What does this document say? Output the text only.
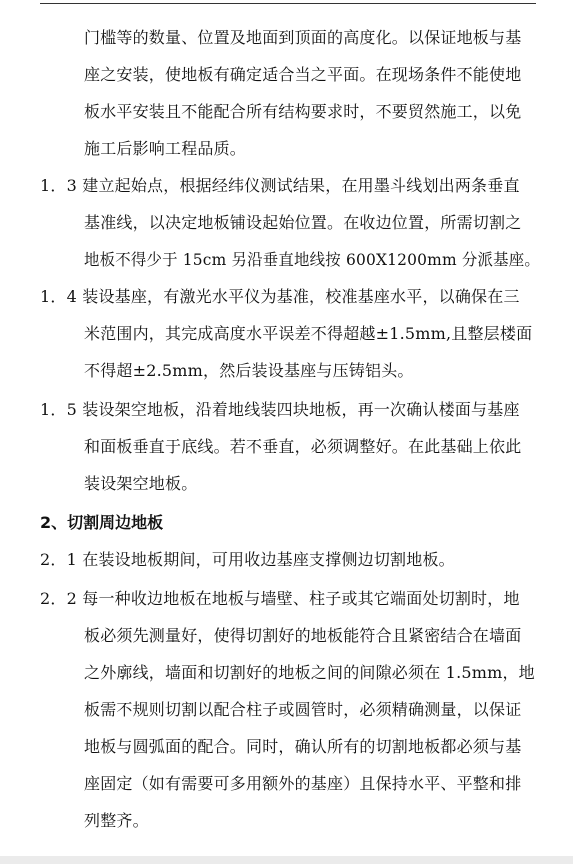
门槛等的数量、位置及地面到顶面的高度化。以保证地板与基
座之安装，使地板有确定适合当之平面。在现场条件不能使地
板水平安装且不能配合所有结构要求时，不要贸然施工，以免
施工后影响工程品质。
1．3 建立起始点，根据经纬仪测试结果，在用墨斗线划出两条垂直
基准线，以决定地板铺设起始位置。在收边位置，所需切割之
地板不得少于 15cm 另沿垂直地线按 600X1200mm 分派基座。
1．4 装设基座，有激光水平仪为基准，校准基座水平，以确保在三
米范围内，其完成高度水平误差不得超越±1.5mm,且整层楼面
不得超±2.5mm，然后装设基座与压铸铝头。
1．5 装设架空地板，沿着地线装四块地板，再一次确认楼面与基座
和面板垂直于底线。若不垂直，必须调整好。在此基础上依此
装设架空地板。
2、切割周边地板
2．1 在装设地板期间，可用收边基座支撑侧边切割地板。
2．2 每一种收边地板在地板与墙壁、柱子或其它端面处切割时，地
板必须先测量好，使得切割好的地板能符合且紧密结合在墙面
之外廓线，墙面和切割好的地板之间的间隙必须在 1.5mm，地
板需不规则切割以配合柱子或圆管时，必须精确测量，以保证
地板与圆弧面的配合。同时，确认所有的切割地板都必须与基
座固定（如有需要可多用额外的基座）且保持水平、平整和排
列整齐。
